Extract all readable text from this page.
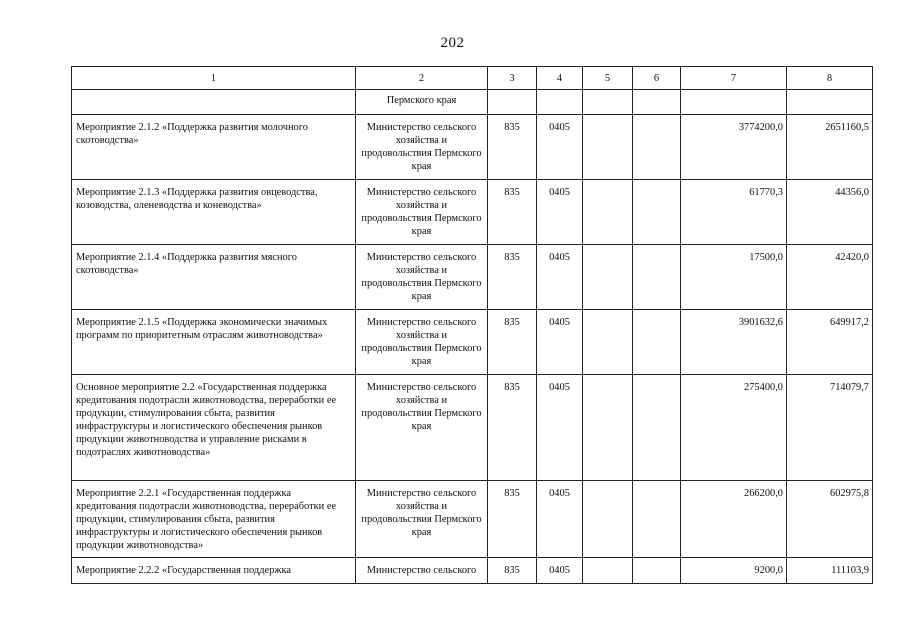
202
1	2	3	4	5	6	7	8
	Пермского края						
Мероприятие 2.1.2 «Поддержка развития молочного скотоводства»	Министерство сельского хозяйства и продовольствия Пермского края	835	0405			3774200,0	2651160,5
Мероприятие 2.1.3 «Поддержка развития овцеводства, козоводства, оленеводства и коневодства»	Министерство сельского хозяйства и продовольствия Пермского края	835	0405			61770,3	44356,0
Мероприятие 2.1.4 «Поддержка развития мясного скотоводства»	Министерство сельского хозяйства и продовольствия Пермского края	835	0405			17500,0	42420,0
Мероприятие 2.1.5 «Поддержка экономически значимых программ по приоритетным отраслям животноводства»	Министерство сельского хозяйства и продовольствия Пермского края	835	0405			3901632,6	649917,2
Основное мероприятие 2.2 «Государственная поддержка кредитования подотрасли животноводства, переработки ее продукции, стимулирования сбыта, развития инфраструктуры и логистического обеспечения рынков продукции животноводства и управление рисками в подотраслях животноводства»	Министерство сельского хозяйства и продовольствия Пермского края	835	0405			275400,0	714079,7
Мероприятие 2.2.1 «Государственная поддержка кредитования подотрасли животноводства, переработки ее продукции, стимулирования сбыта, развития инфраструктуры и логистического обеспечения рынков продукции животноводства»	Министерство сельского хозяйства и продовольствия Пермского края	835	0405			266200,0	602975,8
Мероприятие 2.2.2 «Государственная поддержка	Министерство сельского	835	0405			9200,0	111103,9
